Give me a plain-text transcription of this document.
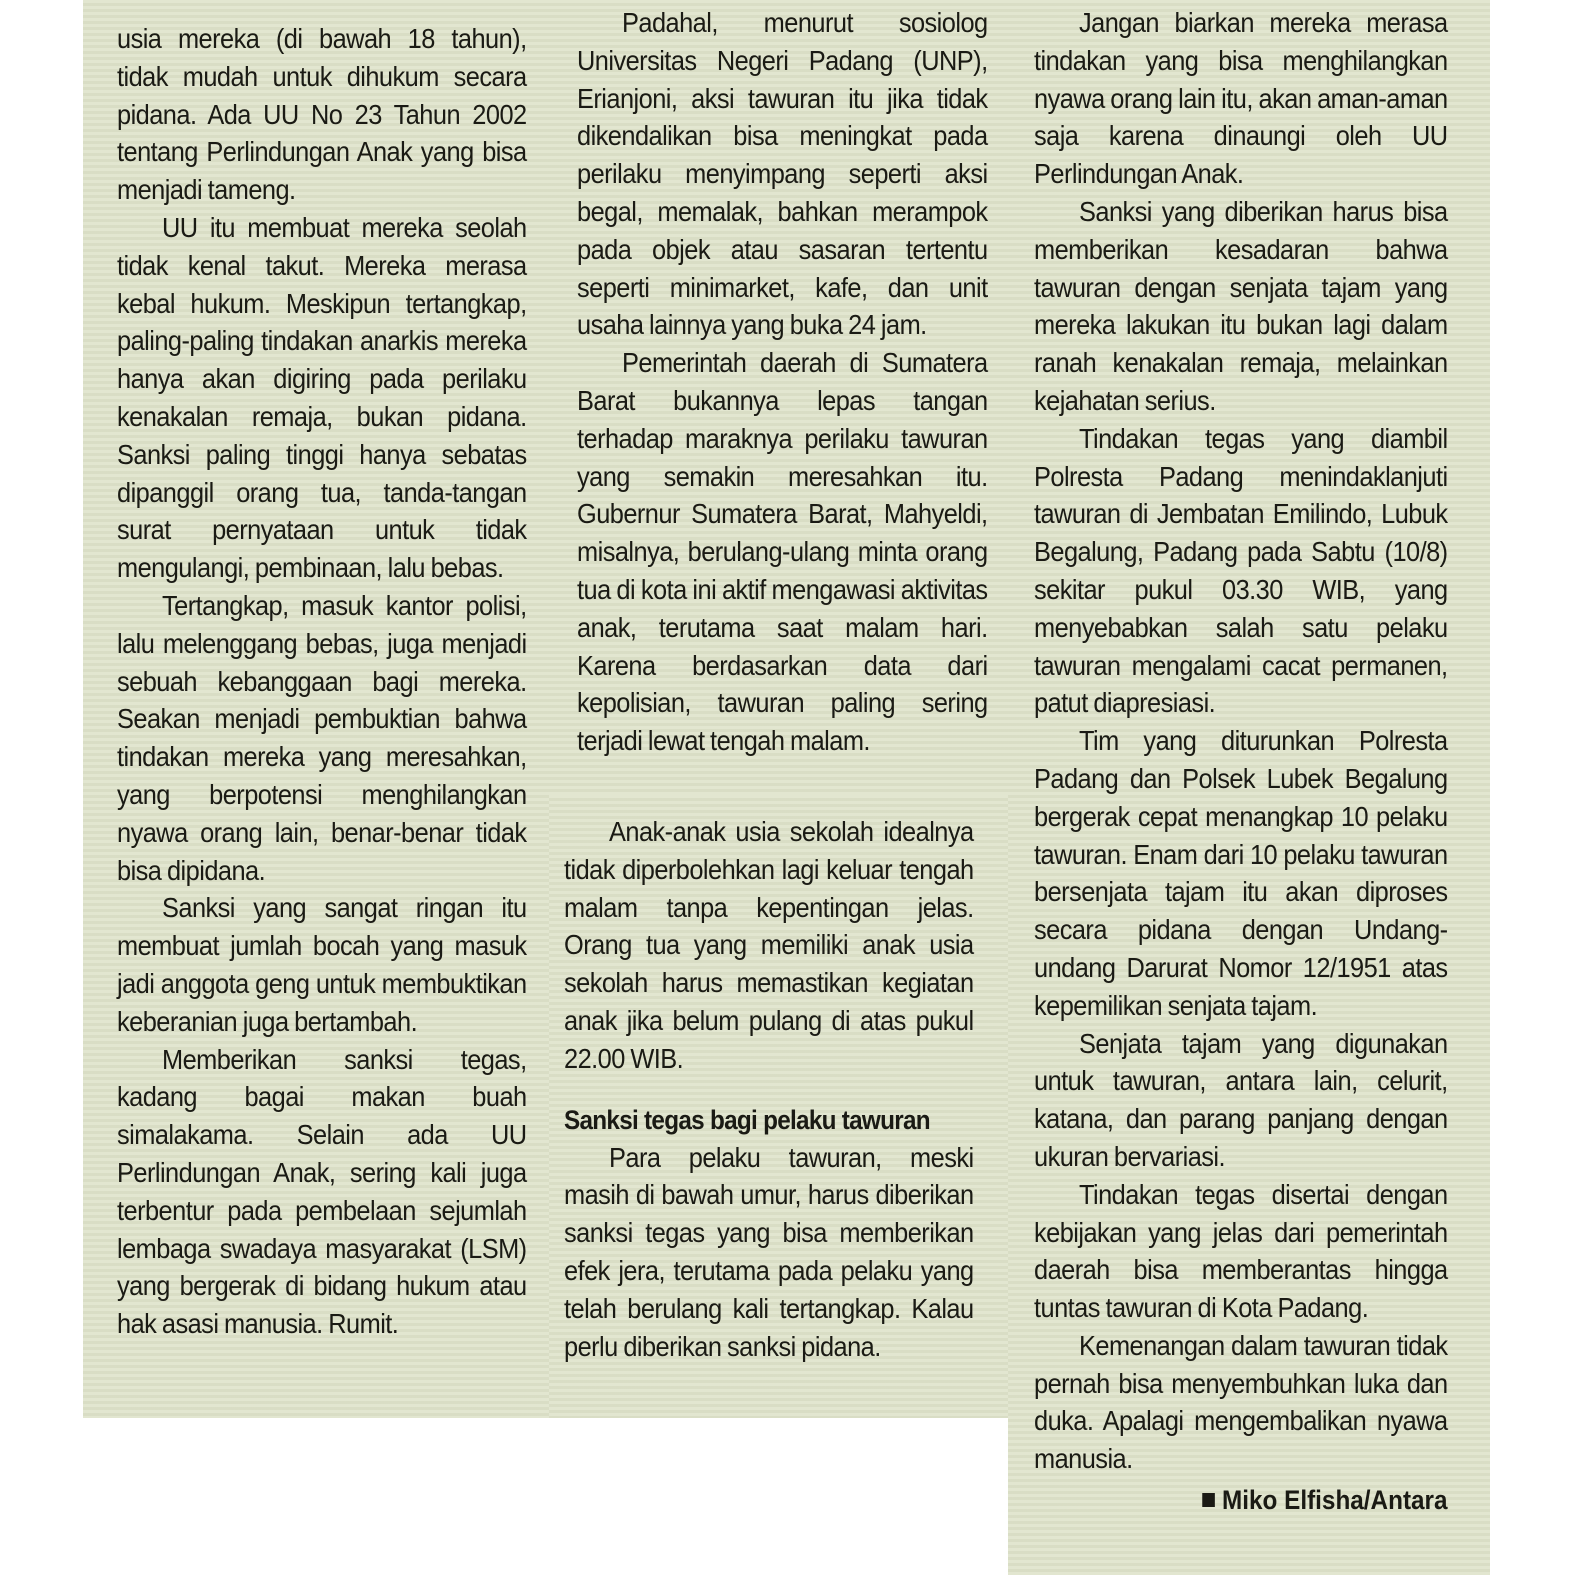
usia mereka (di bawah 18 tahun), tidak mudah untuk dihukum secara pidana. Ada UU No 23 Tahun 2002 tentang Perlindungan Anak yang bisa menjadi tameng.

UU itu membuat mereka seolah tidak kenal takut. Mereka merasa kebal hukum. Meskipun tertangkap, paling-paling tindakan anarkis mereka hanya akan digiring pada perilaku kenakalan remaja, bukan pidana. Sanksi paling tinggi hanya sebatas dipanggil orang tua, tanda-tangan surat pernyataan untuk tidak mengulangi, pembinaan, lalu bebas.

Tertangkap, masuk kantor polisi, lalu melenggang bebas, juga menjadi sebuah kebanggaan bagi mereka. Seakan menjadi pembuktian bahwa tindakan mereka yang meresahkan, yang berpotensi menghilangkan nyawa orang lain, benar-benar tidak bisa dipidana.

Sanksi yang sangat ringan itu membuat jumlah bocah yang masuk jadi anggota geng untuk membuktikan keberanian juga bertambah.

Memberikan sanksi tegas, kadang bagai makan buah simalakama. Selain ada UU Perlindungan Anak, sering kali juga terbentur pada pembelaan sejumlah lembaga swadaya masyarakat (LSM) yang bergerak di bidang hukum atau hak asasi manusia. Rumit.

Padahal, menurut sosiolog Universitas Negeri Padang (UNP), Erianjoni, aksi tawuran itu jika tidak dikendalikan bisa meningkat pada perilaku menyimpang seperti aksi begal, memalak, bahkan merampok pada objek atau sasaran tertentu seperti minimarket, kafe, dan unit usaha lainnya yang buka 24 jam.

Pemerintah daerah di Sumatera Barat bukannya lepas tangan terhadap maraknya perilaku tawuran yang semakin meresahkan itu. Gubernur Sumatera Barat, Mahyeldi, misalnya, berulang-ulang minta orang tua di kota ini aktif mengawasi aktivitas anak, terutama saat malam hari. Karena berdasarkan data dari kepolisian, tawuran paling sering terjadi lewat tengah malam.

Anak-anak usia sekolah idealnya tidak diperbolehkan lagi keluar tengah malam tanpa kepentingan jelas. Orang tua yang memiliki anak usia sekolah harus memastikan kegiatan anak jika belum pulang di atas pukul 22.00 WIB.

Sanksi tegas bagi pelaku tawuran

Para pelaku tawuran, meski masih di bawah umur, harus diberikan sanksi tegas yang bisa memberikan efek jera, terutama pada pelaku yang telah berulang kali tertangkap. Kalau perlu diberikan sanksi pidana.

Jangan biarkan mereka merasa tindakan yang bisa menghilangkan nyawa orang lain itu, akan aman-aman saja karena dinaungi oleh UU Perlindungan Anak.

Sanksi yang diberikan harus bisa memberikan kesadaran bahwa tawuran dengan senjata tajam yang mereka lakukan itu bukan lagi dalam ranah kenakalan remaja, melainkan kejahatan serius.

Tindakan tegas yang diambil Polresta Padang menindaklanjuti tawuran di Jembatan Emilindo, Lubuk Begalung, Padang pada Sabtu (10/8) sekitar pukul 03.30 WIB, yang menyebabkan salah satu pelaku tawuran mengalami cacat permanen, patut diapresiasi.

Tim yang diturunkan Polresta Padang dan Polsek Lubek Begalung bergerak cepat menangkap 10 pelaku tawuran. Enam dari 10 pelaku tawuran bersenjata tajam itu akan diproses secara pidana dengan Undang-undang Darurat Nomor 12/1951 atas kepemilikan senjata tajam.

Senjata tajam yang digunakan untuk tawuran, antara lain, celurit, katana, dan parang panjang dengan ukuran bervariasi.

Tindakan tegas disertai dengan kebijakan yang jelas dari pemerintah daerah bisa memberantas hingga tuntas tawuran di Kota Padang.

Kemenangan dalam tawuran tidak pernah bisa menyembuhkan luka dan duka. Apalagi mengembalikan nyawa manusia.

Miko Elfisha/Antara
